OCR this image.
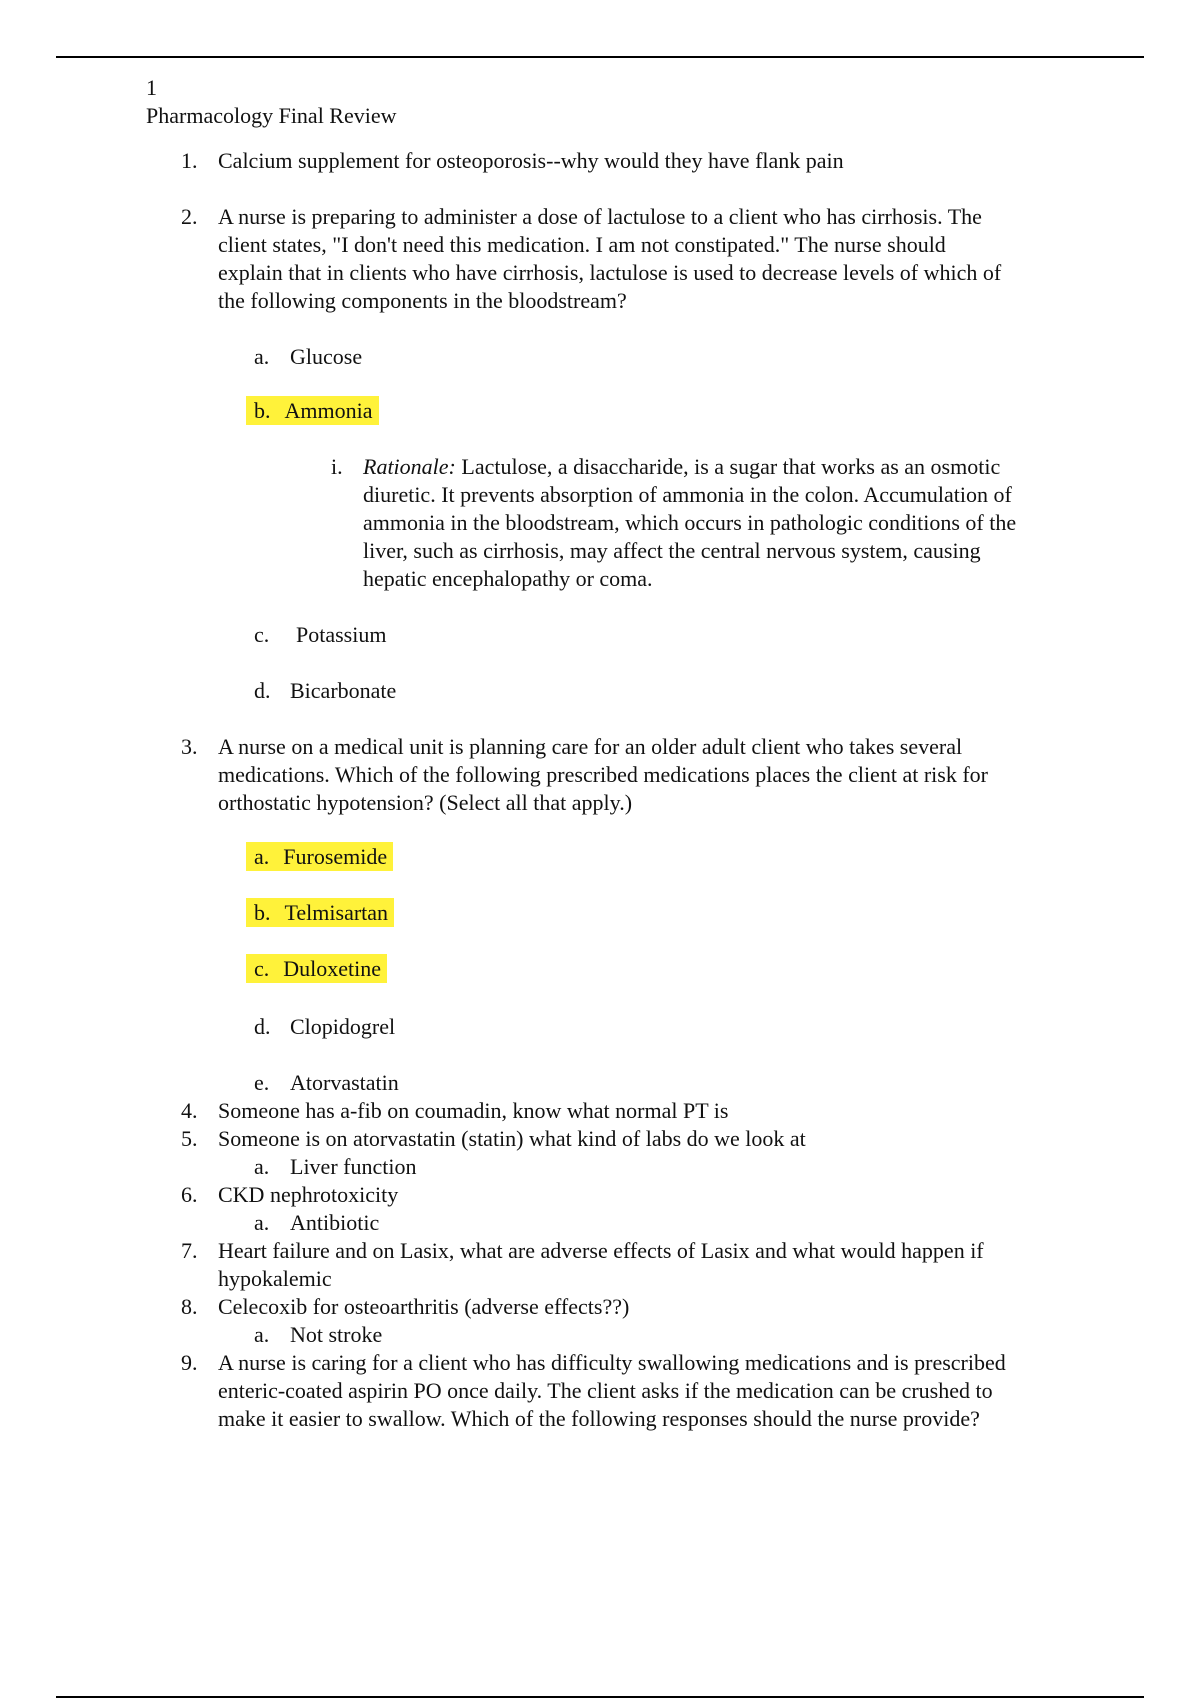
1
Pharmacology Final Review
1. Calcium supplement for osteoporosis--why would they have flank pain
2. A nurse is preparing to administer a dose of lactulose to a client who has cirrhosis. The
client states, "I don't need this medication. I am not constipated." The nurse should
explain that in clients who have cirrhosis, lactulose is used to decrease levels of which of
the following components in the bloodstream?
a. Glucose
b. Ammonia
i. Rationale: Lactulose, a disaccharide, is a sugar that works as an osmotic
diuretic. It prevents absorption of ammonia in the colon. Accumulation of
ammonia in the bloodstream, which occurs in pathologic conditions of the
liver, such as cirrhosis, may affect the central nervous system, causing
hepatic encephalopathy or coma.
c. Potassium
d. Bicarbonate
3. A nurse on a medical unit is planning care for an older adult client who takes several
medications. Which of the following prescribed medications places the client at risk for
orthostatic hypotension? (Select all that apply.)
a. Furosemide
b. Telmisartan
c. Duloxetine
d. Clopidogrel
e. Atorvastatin
4. Someone has a-fib on coumadin, know what normal PT is
5. Someone is on atorvastatin (statin) what kind of labs do we look at
a. Liver function
6. CKD nephrotoxicity
a. Antibiotic
7. Heart failure and on Lasix, what are adverse effects of Lasix and what would happen if
hypokalemic
8. Celecoxib for osteoarthritis (adverse effects??)
a. Not stroke
9. A nurse is caring for a client who has difficulty swallowing medications and is prescribed
enteric-coated aspirin PO once daily. The client asks if the medication can be crushed to
make it easier to swallow. Which of the following responses should the nurse provide?
